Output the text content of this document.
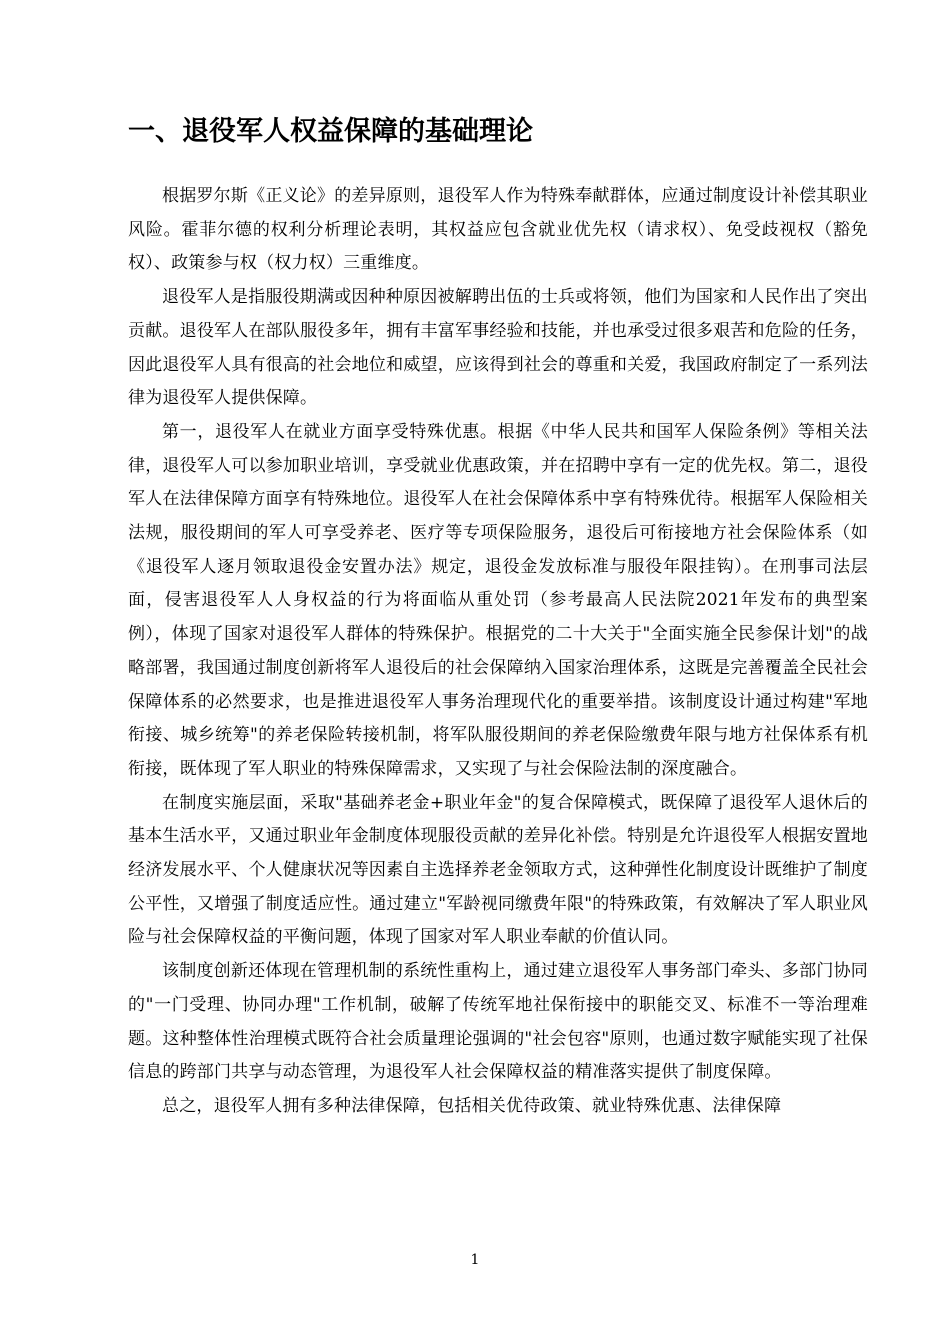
一、退役军人权益保障的基础理论

根据罗尔斯《正义论》的差异原则，退役军人作为特殊奉献群体，应通过制度设计补偿其职业风险。霍菲尔德的权利分析理论表明，其权益应包含就业优先权（请求权）、免受歧视权（豁免权）、政策参与权（权力权）三重维度。

退役军人是指服役期满或因种种原因被解聘出伍的士兵或将领，他们为国家和人民作出了突出贡献。退役军人在部队服役多年，拥有丰富军事经验和技能，并也承受过很多艰苦和危险的任务，因此退役军人具有很高的社会地位和威望，应该得到社会的尊重和关爱，我国政府制定了一系列法律为退役军人提供保障。

第一，退役军人在就业方面享受特殊优惠。根据《中华人民共和国军人保险条例》等相关法律，退役军人可以参加职业培训，享受就业优惠政策，并在招聘中享有一定的优先权。第二，退役军人在法律保障方面享有特殊地位。退役军人在社会保障体系中享有特殊优待。根据军人保险相关法规，服役期间的军人可享受养老、医疗等专项保险服务，退役后可衔接地方社会保险体系（如《退役军人逐月领取退役金安置办法》规定，退役金发放标准与服役年限挂钩）。在刑事司法层面，侵害退役军人人身权益的行为将面临从重处罚（参考最高人民法院2021年发布的典型案例），体现了国家对退役军人群体的特殊保护。根据党的二十大关于"全面实施全民参保计划"的战略部署，我国通过制度创新将军人退役后的社会保障纳入国家治理体系，这既是完善覆盖全民社会保障体系的必然要求，也是推进退役军人事务治理现代化的重要举措。该制度设计通过构建"军地衔接、城乡统筹"的养老保险转接机制，将军队服役期间的养老保险缴费年限与地方社保体系有机衔接，既体现了军人职业的特殊保障需求，又实现了与社会保险法制的深度融合。

在制度实施层面，采取"基础养老金+职业年金"的复合保障模式，既保障了退役军人退休后的基本生活水平，又通过职业年金制度体现服役贡献的差异化补偿。特别是允许退役军人根据安置地经济发展水平、个人健康状况等因素自主选择养老金领取方式，这种弹性化制度设计既维护了制度公平性，又增强了制度适应性。通过建立"军龄视同缴费年限"的特殊政策，有效解决了军人职业风险与社会保障权益的平衡问题，体现了国家对军人职业奉献的价值认同。

该制度创新还体现在管理机制的系统性重构上，通过建立退役军人事务部门牵头、多部门协同的"一门受理、协同办理"工作机制，破解了传统军地社保衔接中的职能交叉、标准不一等治理难题。这种整体性治理模式既符合社会质量理论强调的"社会包容"原则，也通过数字赋能实现了社保信息的跨部门共享与动态管理，为退役军人社会保障权益的精准落实提供了制度保障。

总之，退役军人拥有多种法律保障，包括相关优待政策、就业特殊优惠、法律保障

1
